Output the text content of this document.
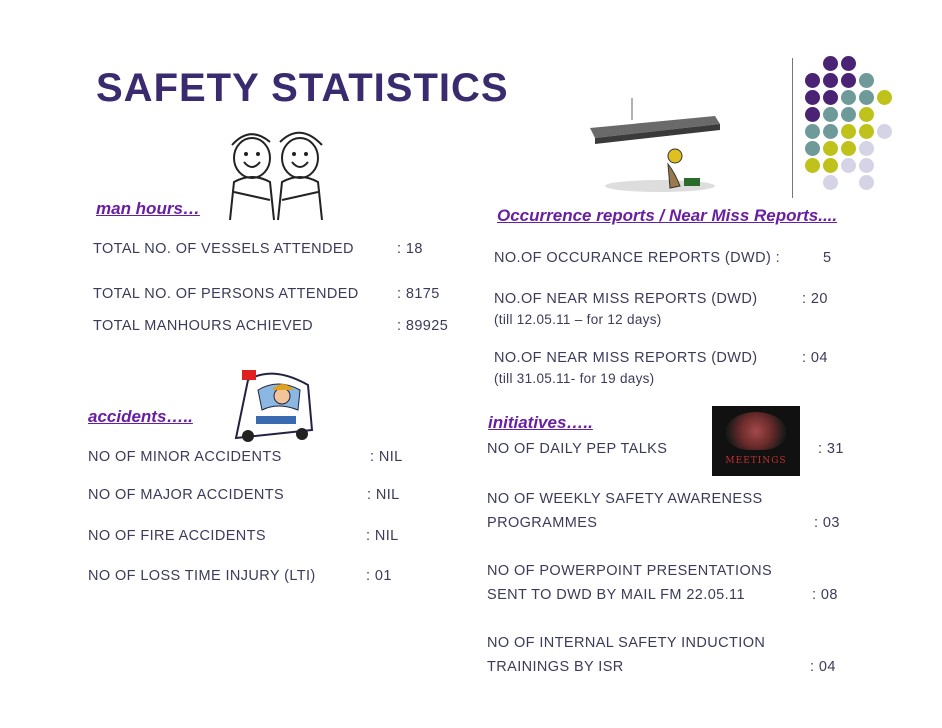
SAFETY STATISTICS
MEETINGS
man hours…
TOTAL NO. OF VESSELS ATTENDED	: 18
TOTAL NO. OF PERSONS ATTENDED	: 8175
TOTAL MANHOURS ACHIEVED	: 89925
Occurrence reports / Near Miss Reports....
NO.OF OCCURANCE REPORTS (DWD) :	5
NO.OF NEAR MISS REPORTS (DWD)	: 20
(till 12.05.11 – for 12 days)
NO.OF NEAR MISS REPORTS (DWD)	: 04
(till 31.05.11- for 19 days)
accidents…..
NO OF MINOR ACCIDENTS	: NIL
NO OF MAJOR ACCIDENTS	: NIL
NO OF FIRE ACCIDENTS	: NIL
NO OF LOSS TIME INJURY (LTI)	: 01
initiatives…..
NO OF DAILY PEP TALKS	: 31
NO OF WEEKLY SAFETY AWARENESS
PROGRAMMES	: 03
NO OF POWERPOINT PRESENTATIONS
SENT TO DWD BY MAIL FM 22.05.11	: 08
NO OF INTERNAL SAFETY INDUCTION
TRAININGS BY ISR	: 04
